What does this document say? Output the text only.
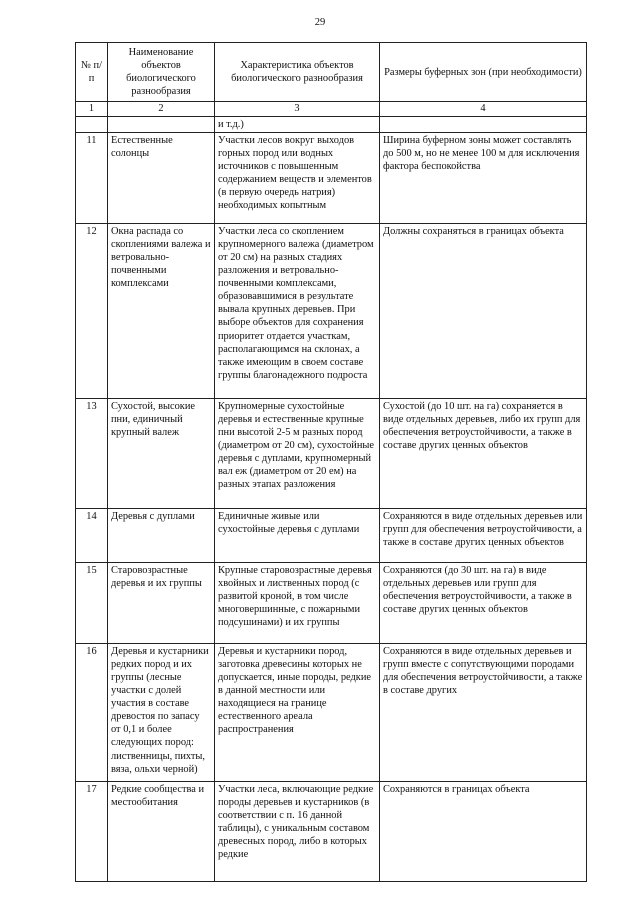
29
№ п/п	Наименование объектов биологического разнообразия	Характеристика объектов биологического разнообразия	Размеры буферных зон (при необходимости)
1	2	3	4
		и т.д.)	
11	Естественные солонцы	Участки лесов вокруг выходов горных пород или водных источников с повышенным содержанием веществ и элементов (в первую очередь натрия) необходимых копытным	Ширина буферном зоны может составлять до 500 м, но не менее 100 м для исключения фактора беспокойства
12	Окна распада со скоплениями валежа и ветровально-почвенными комплексами	Участки леса со скоплением крупномерного валежа (диаметром от 20 см) на разных стадиях разложения и ветровально-почвенными комплексами, образовавшимися в результате вывала крупных деревьев. При выборе объектов для сохранения приоритет отдается участкам, располагающимся на склонах, а также имеющим в своем составе группы благонадежного подроста	Должны сохраняться в границах объекта
13	Сухостой, высокие пни, единичный крупный валеж	Крупномерные сухостойные деревья и естественные крупные пни высотой 2-5 м разных пород (диаметром от 20 см), сухостойные деревья с дуплами, крупномерный вал еж (диаметром от 20 ем) на разных этапах разложения	Сухостой (до 10 шт. на га) сохраняется в виде отдельных деревьев, либо их групп для обеспечения ветроустойчивости, а также в составе других ценных объектов
14	Деревья с дуплами	Единичные живые или сухостойные деревья с дуплами	Сохраняются в виде отдельных деревьев или групп для обеспечения ветроустойчивости, а также в составе других ценных объектов
15	Старовозрастные деревья и их группы	Крупные старовозрастные деревья хвойных и лиственных пород (с развитой кроной, в том числе многовершинные, с пожарными подсушинами) и их группы	Сохраняются (до 30 шт. на га) в виде отдельных деревьев или групп для обеспечения ветроустойчивости, а также в составе других ценных объектов
16	Деревья и кустарники редких пород и их группы (лесные участки с долей участия в составе древостоя по запасу от 0,1 и более следующих пород: лиственницы, пихты, вяза, ольхи черной)	Деревья и кустарники пород, заготовка древесины которых не допускается, иные породы, редкие в данной местности или находящиеся на границе естественного ареала распространения	Сохраняются в виде отдельных деревьев и групп вместе с сопутствующими породами для обеспечения ветроустойчивости, а также в составе других
17	Редкие сообщества и местообитания	Участки леса, включающие редкие породы деревьев и кустарников (в соответствии с п. 16 данной таблицы), с уникальным составом древесных пород, либо в которых редкие	Сохраняются в границах объекта
